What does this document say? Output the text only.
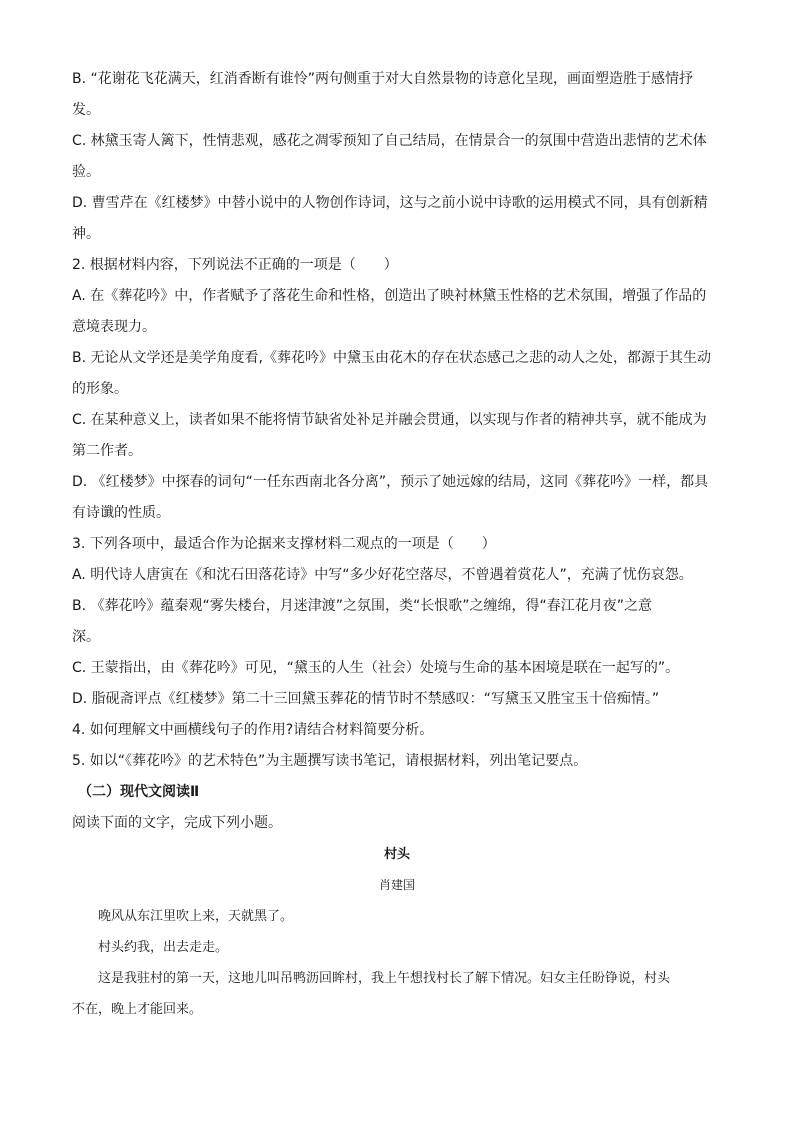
B. “花谢花飞花满天，红消香断有谁怜”两句侧重于对大自然景物的诗意化呈现，画面塑造胜于感情抒

发。

C. 林黛玉寄人篱下，性情悲观，感花之凋零预知了自己结局，在情景合一的氛围中营造出悲情的艺术体

验。

D. 曹雪芹在《红楼梦》中替小说中的人物创作诗词，这与之前小说中诗歌的运用模式不同，具有创新精

神。

2. 根据材料内容，下列说法不正确的一项是（　　）

A. 在《葬花吟》中，作者赋予了落花生命和性格，创造出了映衬林黛玉性格的艺术氛围，增强了作品的

意境表现力。

B. 无论从文学还是美学角度看,《葬花吟》中黛玉由花木的存在状态感己之悲的动人之处，都源于其生动

的形象。

C. 在某种意义上，读者如果不能将情节缺省处补足并融会贯通，以实现与作者的精神共享，就不能成为

第二作者。

D. 《红楼梦》中探春的词句“一任东西南北各分离”，预示了她远嫁的结局，这同《葬花吟》一样，都具

有诗谶的性质。

3. 下列各项中，最适合作为论据来支撑材料二观点的一项是（　　）

A. 明代诗人唐寅在《和沈石田落花诗》中写“多少好花空落尽，不曾遇着赏花人”，充满了忧伤哀怨。

B. 《葬花吟》蕴秦观“雾失楼台，月迷津渡”之氛围，类“长恨歌”之缠绵，得“春江花月夜”之意

深。

C. 王蒙指出，由《葬花吟》可见，“黛玉的人生（社会）处境与生命的基本困境是联在一起写的”。

D. 脂砚斋评点《红楼梦》第二十三回黛玉葬花的情节时不禁感叹：“写黛玉又胜宝玉十倍痴情。”

4. 如何理解文中画横线句子的作用?请结合材料简要分析。

5. 如以“《葬花吟》的艺术特色”为主题撰写读书笔记，请根据材料，列出笔记要点。

（二）现代文阅读Ⅱ

阅读下面的文字，完成下列小题。

村头

肖建国

晚风从东江里吹上来，天就黑了。

村头约我，出去走走。

这是我驻村的第一天，这地儿叫吊鸭沥回眸村，我上午想找村长了解下情况。妇女主任盼铮说，村头

不在，晚上才能回来。
